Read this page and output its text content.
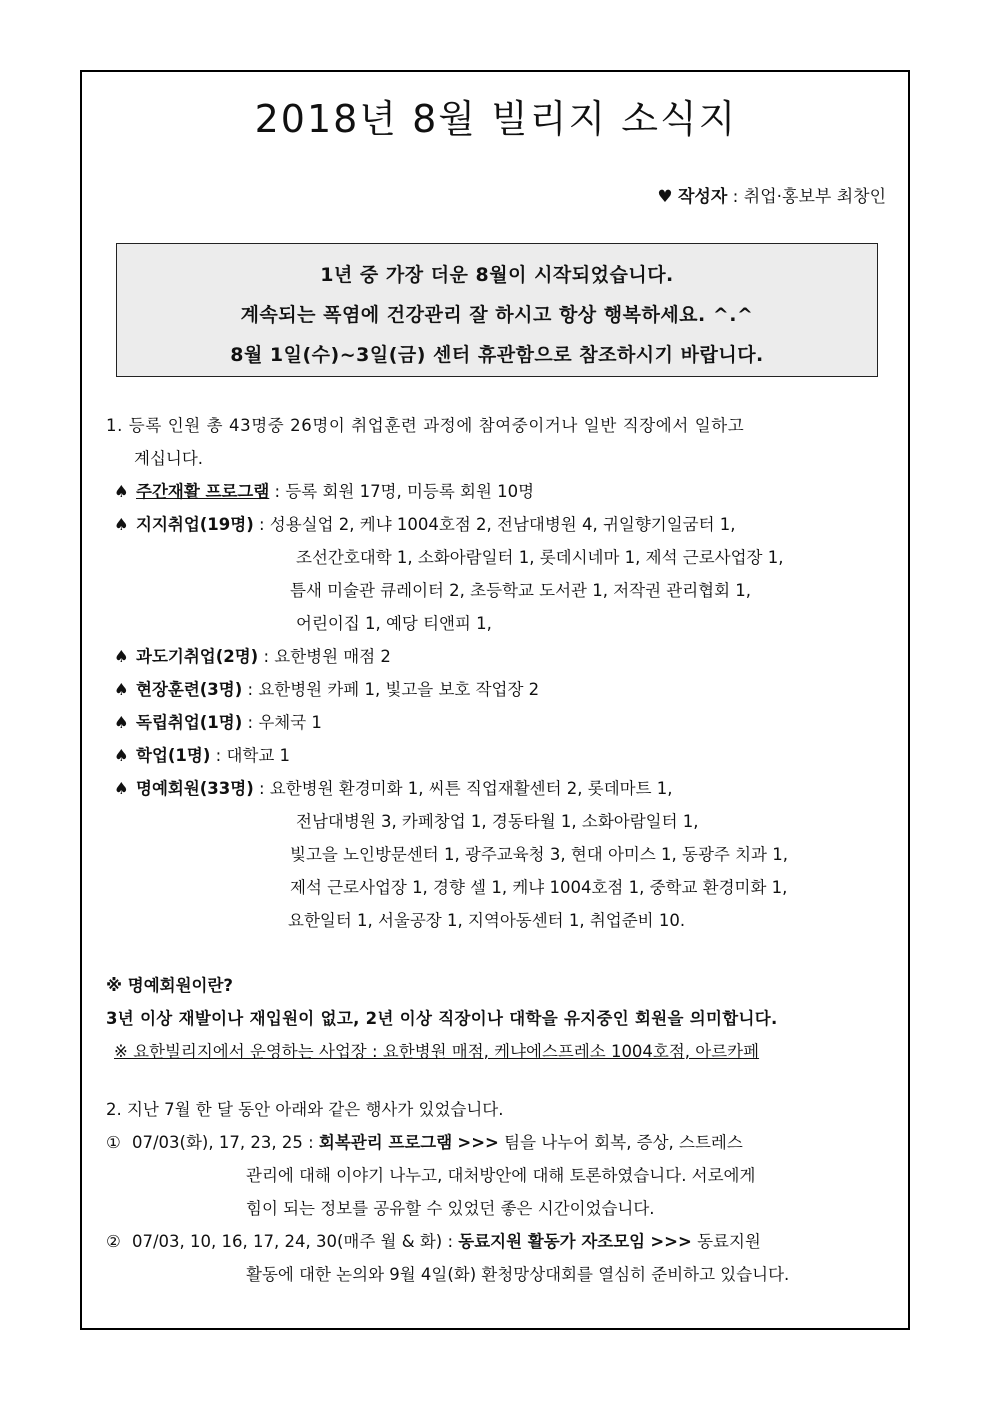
2018년 8월 빌리지 소식지
♥ 작성자 : 취업·홍보부 최창인
1년 중 가장 더운 8월이 시작되었습니다.
계속되는 폭염에 건강관리 잘 하시고 항상 행복하세요. ^.^
8월 1일(수)~3일(금) 센터 휴관함으로 참조하시기 바랍니다.
1. 등록 인원 총 43명중 26명이 취업훈련 과정에 참여중이거나 일반 직장에서 일하고
계십니다.
♠ 주간재활 프로그램 : 등록 회원 17명, 미등록 회원 10명
♠ 지지취업(19명) : 성용실업 2, 케냐 1004호점 2, 전남대병원 4, 귀일향기일굼터 1,
조선간호대학 1, 소화아람일터 1, 롯데시네마 1, 제석 근로사업장 1,
틈새 미술관 큐레이터 2, 초등학교 도서관 1, 저작권 관리협회 1,
어린이집 1, 예당 티앤피 1,
♠ 과도기취업(2명) : 요한병원 매점 2
♠ 현장훈련(3명) : 요한병원 카페 1, 빛고을 보호 작업장 2
♠ 독립취업(1명) : 우체국 1
♠ 학업(1명) : 대학교 1
♠ 명예회원(33명) : 요한병원 환경미화 1, 씨튼 직업재활센터 2, 롯데마트 1,
전남대병원 3, 카페창업 1, 경동타월 1, 소화아람일터 1,
빛고을 노인방문센터 1, 광주교육청 3, 현대 아미스 1, 동광주 치과 1,
제석 근로사업장 1, 경향 셀 1, 케냐 1004호점 1, 중학교 환경미화 1,
요한일터 1, 서울공장 1, 지역아동센터 1, 취업준비 10.
※ 명예회원이란?
3년 이상 재발이나 재입원이 없고, 2년 이상 직장이나 대학을 유지중인 회원을 의미합니다.
※ 요한빌리지에서 운영하는 사업장 : 요한병원 매점, 케냐에스프레소 1004호점, 아르카페
2. 지난 7월 한 달 동안 아래와 같은 행사가 있었습니다.
① 07/03(화), 17, 23, 25 : 회복관리 프로그램 >>> 팀을 나누어 회복, 증상, 스트레스
관리에 대해 이야기 나누고, 대처방안에 대해 토론하였습니다. 서로에게
힘이 되는 정보를 공유할 수 있었던 좋은 시간이었습니다.
② 07/03, 10, 16, 17, 24, 30(매주 월 & 화) : 동료지원 활동가 자조모임 >>> 동료지원
활동에 대한 논의와 9월 4일(화) 환청망상대회를 열심히 준비하고 있습니다.
